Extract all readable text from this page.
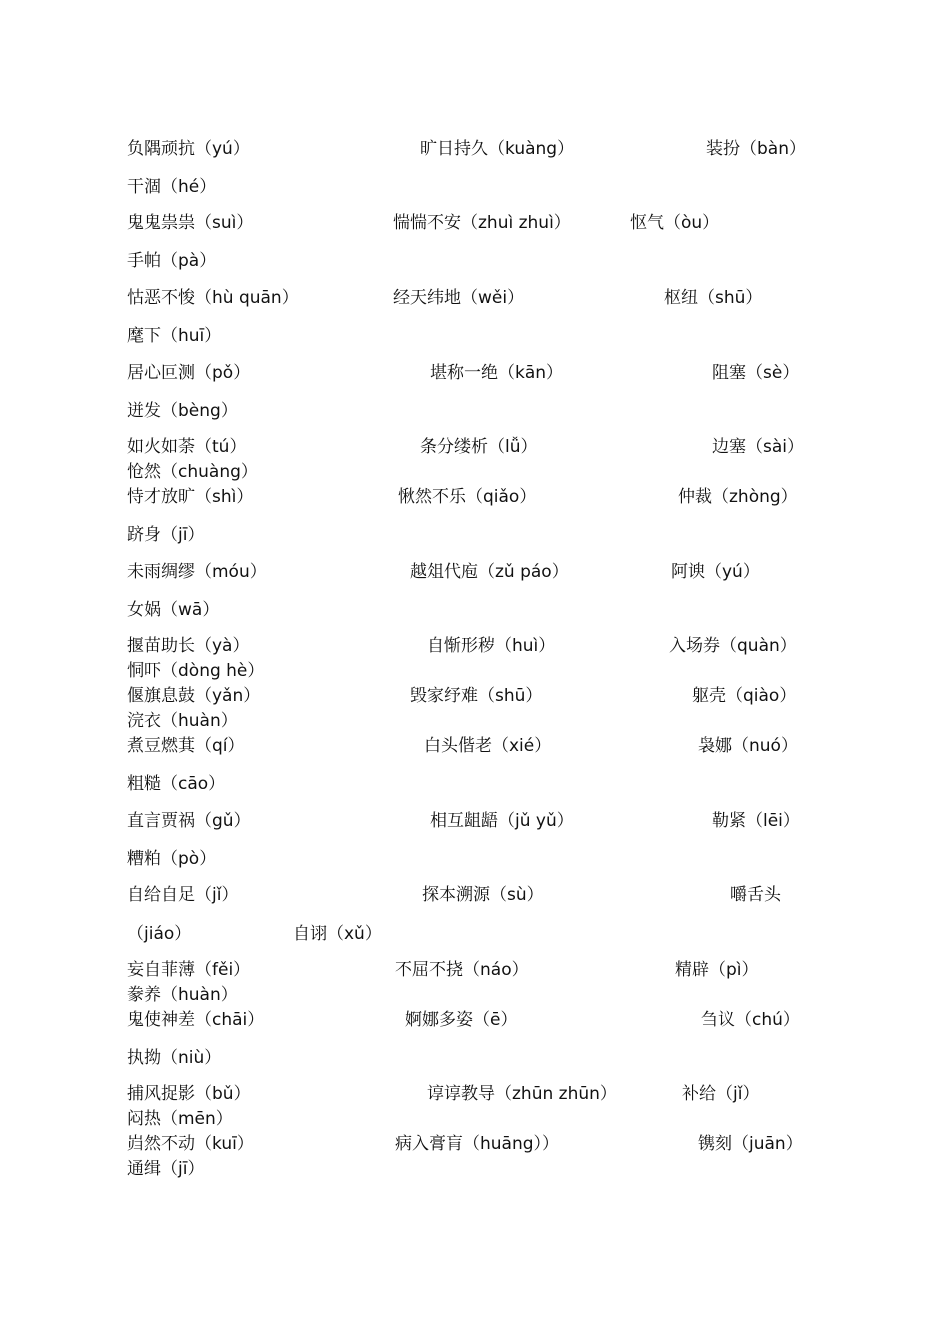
负隅顽抗（yú）	旷日持久（kuàng）	装扮（bàn）
干涸（hé）
鬼鬼祟祟（suì）	惴惴不安（zhuì zhuì）	怄气（òu）
手帕（pà）
怙恶不悛（hù quān）	经天纬地（wěi）	枢纽（shū）
麾下（huī）
居心叵测（pǒ）	堪称一绝（kān）	阻塞（sè）
迸发（bèng）
如火如荼（tú）	条分缕析（lǚ）	边塞（sài）
怆然（chuàng）
恃才放旷（shì）	愀然不乐（qiǎo）	仲裁（zhòng）
跻身（jī）
未雨绸缪（móu）	越俎代庖（zǔ páo）	阿谀（yú）
女娲（wā）
揠苗助长（yà）	自惭形秽（huì）	入场券（quàn）
恫吓（dòng hè）
偃旗息鼓（yǎn）	毁家纾难（shū）	躯壳（qiào）
浣衣（huàn）
煮豆燃萁（qí）	白头偕老（xié）	袅娜（nuó）
粗糙（cāo）
直言贾祸（gǔ）	相互龃龉（jǔ yǔ）	勒紧（lēi）
糟粕（pò）
自给自足（jǐ）	探本溯源（sù）	嚼舌头
（jiáo）	自诩（xǔ）
妄自菲薄（fěi）	不屈不挠（náo）	精辟（pì）
豢养（huàn）
鬼使神差（chāi）	婀娜多姿（ē）	刍议（chú）
执拗（niù）
捕风捉影（bǔ）	谆谆教导（zhūn zhūn）	补给（jǐ）
闷热（mēn）
岿然不动（kuī）	病入膏肓（huāng））	镌刻（juān）
通缉（jī）
